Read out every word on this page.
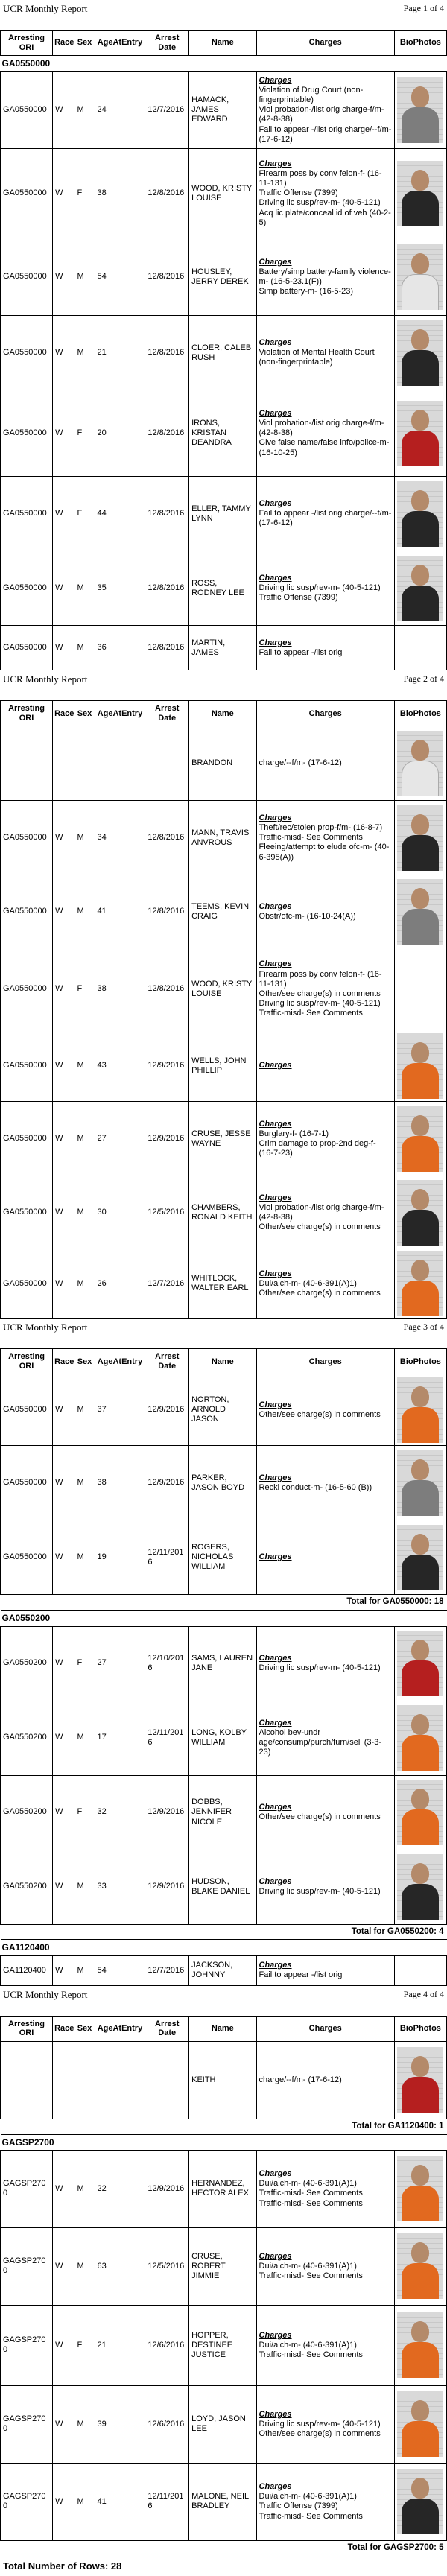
UCR Monthly Report	Page 1 of 4
Arresting ORI	Race	Sex	AgeAtEntry	Arrest Date	Name	Charges	BioPhotos
GA0550000							
GA0550000	W	M	24	12/7/2016	HAMACK, JAMES EDWARD	Charges
Violation of Drug Court (non-fingerprintable)
Viol probation-/list orig charge-f/m- (42-8-38)
Fail to appear -/list orig charge/--f/m- (17-6-12)	

GA0550000	W	F	38	12/8/2016	WOOD, KRISTY LOUISE	Charges
Firearm poss by conv felon-f- (16-11-131)
Traffic Offense (7399)
Driving lic susp/rev-m- (40-5-121)
Acq lic plate/conceal id of veh (40-2-5)	

GA0550000	W	M	54	12/8/2016	HOUSLEY, JERRY DEREK	Charges
Battery/simp battery-family violence-m- (16-5-23.1(F))
Simp battery-m- (16-5-23)	

GA0550000	W	M	21	12/8/2016	CLOER, CALEB RUSH	Charges
Violation of Mental Health Court (non-fingerprintable)	

GA0550000	W	F	20	12/8/2016	IRONS, KRISTAN DEANDRA	Charges
Viol probation-/list orig charge-f/m- (42-8-38)
Give false name/false info/police-m- (16-10-25)	

GA0550000	W	F	44	12/8/2016	ELLER, TAMMY LYNN	Charges
Fail to appear -/list orig charge/--f/m- (17-6-12)	

GA0550000	W	M	35	12/8/2016	ROSS, RODNEY LEE	Charges
Driving lic susp/rev-m- (40-5-121)
Traffic Offense (7399)	

GA0550000	W	M	36	12/8/2016	MARTIN, JAMES	Charges
Fail to appear -/list orig	

UCR Monthly Report	Page 2 of 4
Arresting ORI	Race	Sex	AgeAtEntry	Arrest Date	Name	Charges	BioPhotos
					BRANDON	charge/--f/m- (17-6-12)	

GA0550000	W	M	34	12/8/2016	MANN, TRAVIS ANVROUS	Charges
Theft/rec/stolen prop-f/m- (16-8-7)
Traffic-misd- See Comments
Fleeing/attempt to elude ofc-m- (40-6-395(A))	

GA0550000	W	M	41	12/8/2016	TEEMS, KEVIN CRAIG	Charges
Obstr/ofc-m- (16-10-24(A))	

GA0550000	W	F	38	12/8/2016	WOOD, KRISTY LOUISE	Charges
Firearm poss by conv felon-f- (16-11-131)
Other/see charge(s) in comments
Driving lic susp/rev-m- (40-5-121)
Traffic-misd- See Comments	

GA0550000	W	M	43	12/9/2016	WELLS, JOHN PHILLIP	Charges	

GA0550000	W	M	27	12/9/2016	CRUSE, JESSE WAYNE	Charges
Burglary-f- (16-7-1)
Crim damage to prop-2nd deg-f- (16-7-23)	

GA0550000	W	M	30	12/5/2016	CHAMBERS, RONALD KEITH	Charges
Viol probation-/list orig charge-f/m- (42-8-38)
Other/see charge(s) in comments	

GA0550000	W	M	26	12/7/2016	WHITLOCK, WALTER EARL	Charges
Dui/alch-m- (40-6-391(A)1)
Other/see charge(s) in comments	

UCR Monthly Report	Page 3 of 4
Arresting ORI	Race	Sex	AgeAtEntry	Arrest Date	Name	Charges	BioPhotos
GA0550000	W	M	37	12/9/2016	NORTON, ARNOLD JASON	Charges
Other/see charge(s) in comments	

GA0550000	W	M	38	12/9/2016	PARKER, JASON BOYD	Charges
Reckl conduct-m- (16-5-60 (B))	

GA0550000	W	M	19	12/11/2016	ROGERS, NICHOLAS WILLIAM	Charges	

Total for GA0550000: 18							
GA0550200							
GA0550200	W	F	27	12/10/2016	SAMS, LAUREN JANE	Charges
Driving lic susp/rev-m- (40-5-121)	

GA0550200	W	M	17	12/11/2016	LONG, KOLBY WILLIAM	Charges
Alcohol bev-undr age/consump/purch/furn/sell (3-3-23)	

GA0550200	W	F	32	12/9/2016	DOBBS, JENNIFER NICOLE	Charges
Other/see charge(s) in comments	

GA0550200	W	M	33	12/9/2016	HUDSON, BLAKE DANIEL	Charges
Driving lic susp/rev-m- (40-5-121)	

Total for GA0550200: 4							
GA1120400							
GA1120400	W	M	54	12/7/2016	JACKSON, JOHNNY	Charges
Fail to appear -/list orig	

UCR Monthly Report	Page 4 of 4
Arresting ORI	Race	Sex	AgeAtEntry	Arrest Date	Name	Charges	BioPhotos
					KEITH	charge/--f/m- (17-6-12)	

Total for GA1120400: 1							
GAGSP2700							
GAGSP2700	W	M	22	12/9/2016	HERNANDEZ, HECTOR ALEX	Charges
Dui/alch-m- (40-6-391(A)1)
Traffic-misd- See Comments
Traffic-misd- See Comments	

GAGSP2700	W	M	63	12/5/2016	CRUSE, ROBERT JIMMIE	Charges
Dui/alch-m- (40-6-391(A)1)
Traffic-misd- See Comments	

GAGSP2700	W	F	21	12/6/2016	HOPPER, DESTINEE JUSTICE	Charges
Dui/alch-m- (40-6-391(A)1)
Traffic-misd- See Comments	

GAGSP2700	W	M	39	12/6/2016	LOYD, JASON LEE	Charges
Driving lic susp/rev-m- (40-5-121)
Other/see charge(s) in comments	

GAGSP2700	W	M	41	12/11/2016	MALONE, NEIL BRADLEY	Charges
Dui/alch-m- (40-6-391(A)1)
Traffic Offense (7399)
Traffic-misd- See Comments	

Total for GAGSP2700: 5							
Total Number of Rows: 28
